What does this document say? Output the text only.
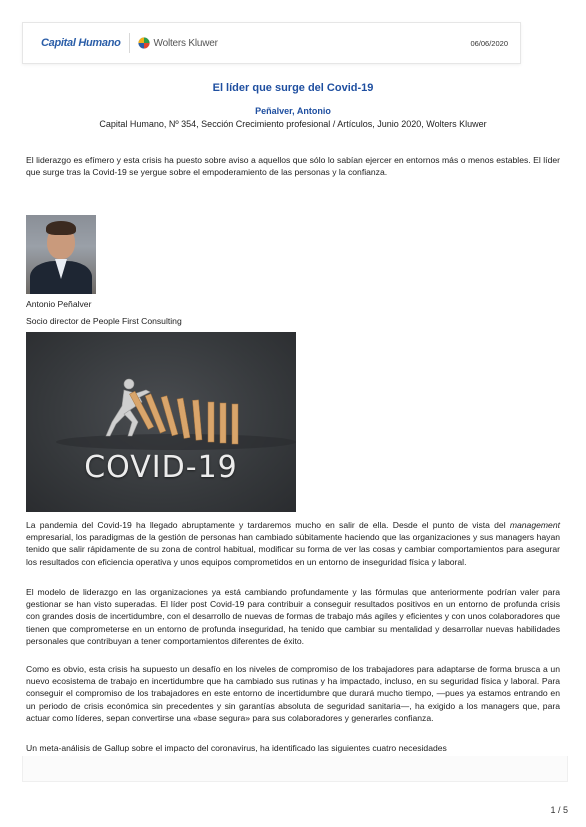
Capital Humano	Wolters Kluwer	06/06/2020
El líder que surge del Covid-19
Peñalver, Antonio
Capital Humano, Nº 354, Sección Crecimiento profesional / Artículos, Junio 2020, Wolters Kluwer
El liderazgo es efímero y esta crisis ha puesto sobre aviso a aquellos que sólo lo sabían ejercer en entornos más o menos estables. El líder que surge tras la Covid-19 se yergue sobre el empoderamiento de las personas y la confianza.
Antonio Peñalver
Socio director de People First Consulting
COVID-19
La pandemia del Covid-19 ha llegado abruptamente y tardaremos mucho en salir de ella. Desde el punto de vista del management empresarial, los paradigmas de la gestión de personas han cambiado súbitamente haciendo que las organizaciones y sus managers hayan tenido que salir rápidamente de su zona de control habitual, modificar su forma de ver las cosas y cambiar comportamientos para asegurar los resultados con eficiencia operativa y unos equipos comprometidos en un entorno de inseguridad física y laboral.
El modelo de liderazgo en las organizaciones ya está cambiando profundamente y las fórmulas que anteriormente podrían valer para gestionar se han visto superadas. El líder post Covid-19 para contribuir a conseguir resultados positivos en un entorno de profunda crisis con grandes dosis de incertidumbre, con el desarrollo de nuevas de formas de trabajo más agiles y eficientes y con unos colaboradores que tienen que comprometerse en un entorno de profunda inseguridad, ha tenido que cambiar su mentalidad y desarrollar nuevas habilidades personales que contribuyan a tener comportamientos diferentes de éxito.
Como es obvio, esta crisis ha supuesto un desafío en los niveles de compromiso de los trabajadores para adaptarse de forma brusca a un nuevo ecosistema de trabajo en incertidumbre que ha cambiado sus rutinas y ha impactado, incluso, en su seguridad física y laboral. Para conseguir el compromiso de los trabajadores en este entorno de incertidumbre que durará mucho tiempo, —pues ya estamos entrando en un periodo de crisis económica sin precedentes y sin garantías absoluta de seguridad sanitaria—, ha exigido a los managers que, para actuar como líderes, sepan convertirse una «base segura» para sus colaboradores y generarles confianza.
Un meta-análisis de Gallup sobre el impacto del coronavirus, ha identificado las siguientes cuatro necesidades
1 / 5
